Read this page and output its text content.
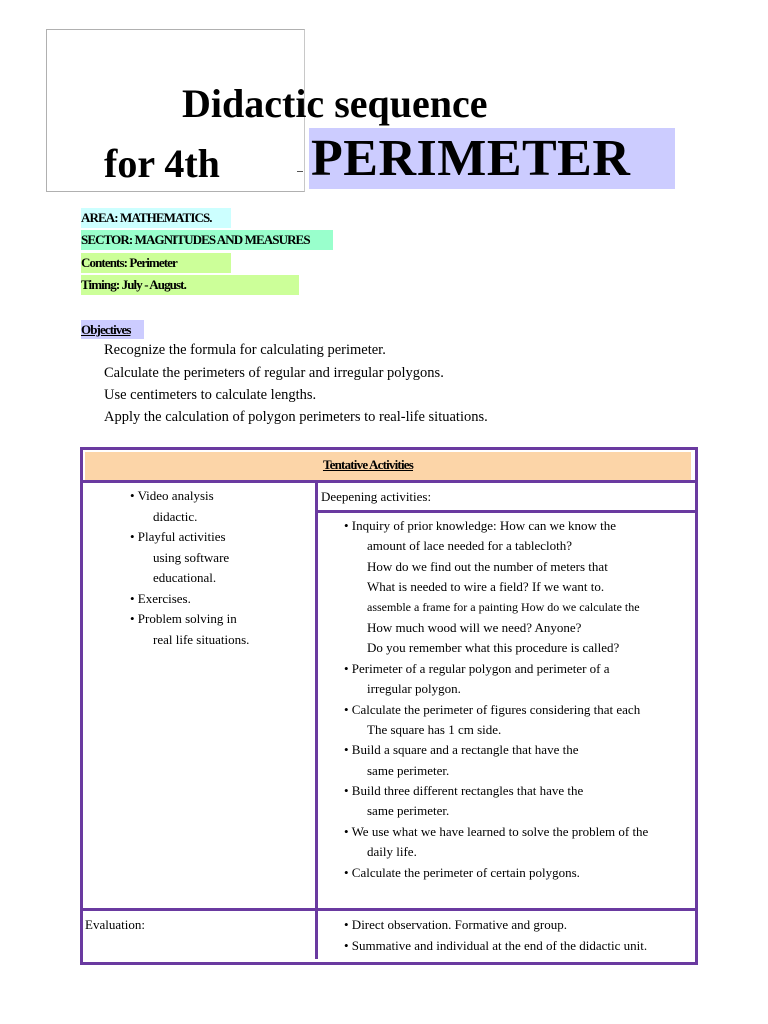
Didactic sequence
for 4th PERIMETER
AREA: MATHEMATICS.
SECTOR: MAGNITUDES AND MEASURES
Contents: Perimeter
Timing: July - August.
Objectives
Recognize the formula for calculating perimeter.
Calculate the perimeters of regular and irregular polygons.
Use centimeters to calculate lengths.
Apply the calculation of polygon perimeters to real-life situations.
Tentative Activities
• Video analysis
didactic.
• Playful activities
using software
educational.
• Exercises.
• Problem solving in
real life situations.
Deepening activities:
• Inquiry of prior knowledge: How can we know the
amount of lace needed for a tablecloth?
How do we find out the number of meters that
What is needed to wire a field? If we want to.
assemble a frame for a painting How do we calculate the
How much wood will we need? Anyone?
Do you remember what this procedure is called?
• Perimeter of a regular polygon and perimeter of a
irregular polygon.
• Calculate the perimeter of figures considering that each
The square has 1 cm side.
• Build a square and a rectangle that have the
same perimeter.
• Build three different rectangles that have the
same perimeter.
• We use what we have learned to solve the problem of the
daily life.
• Calculate the perimeter of certain polygons.
Evaluation:	• Direct observation. Formative and group.
• Summative and individual at the end of the didactic unit.
